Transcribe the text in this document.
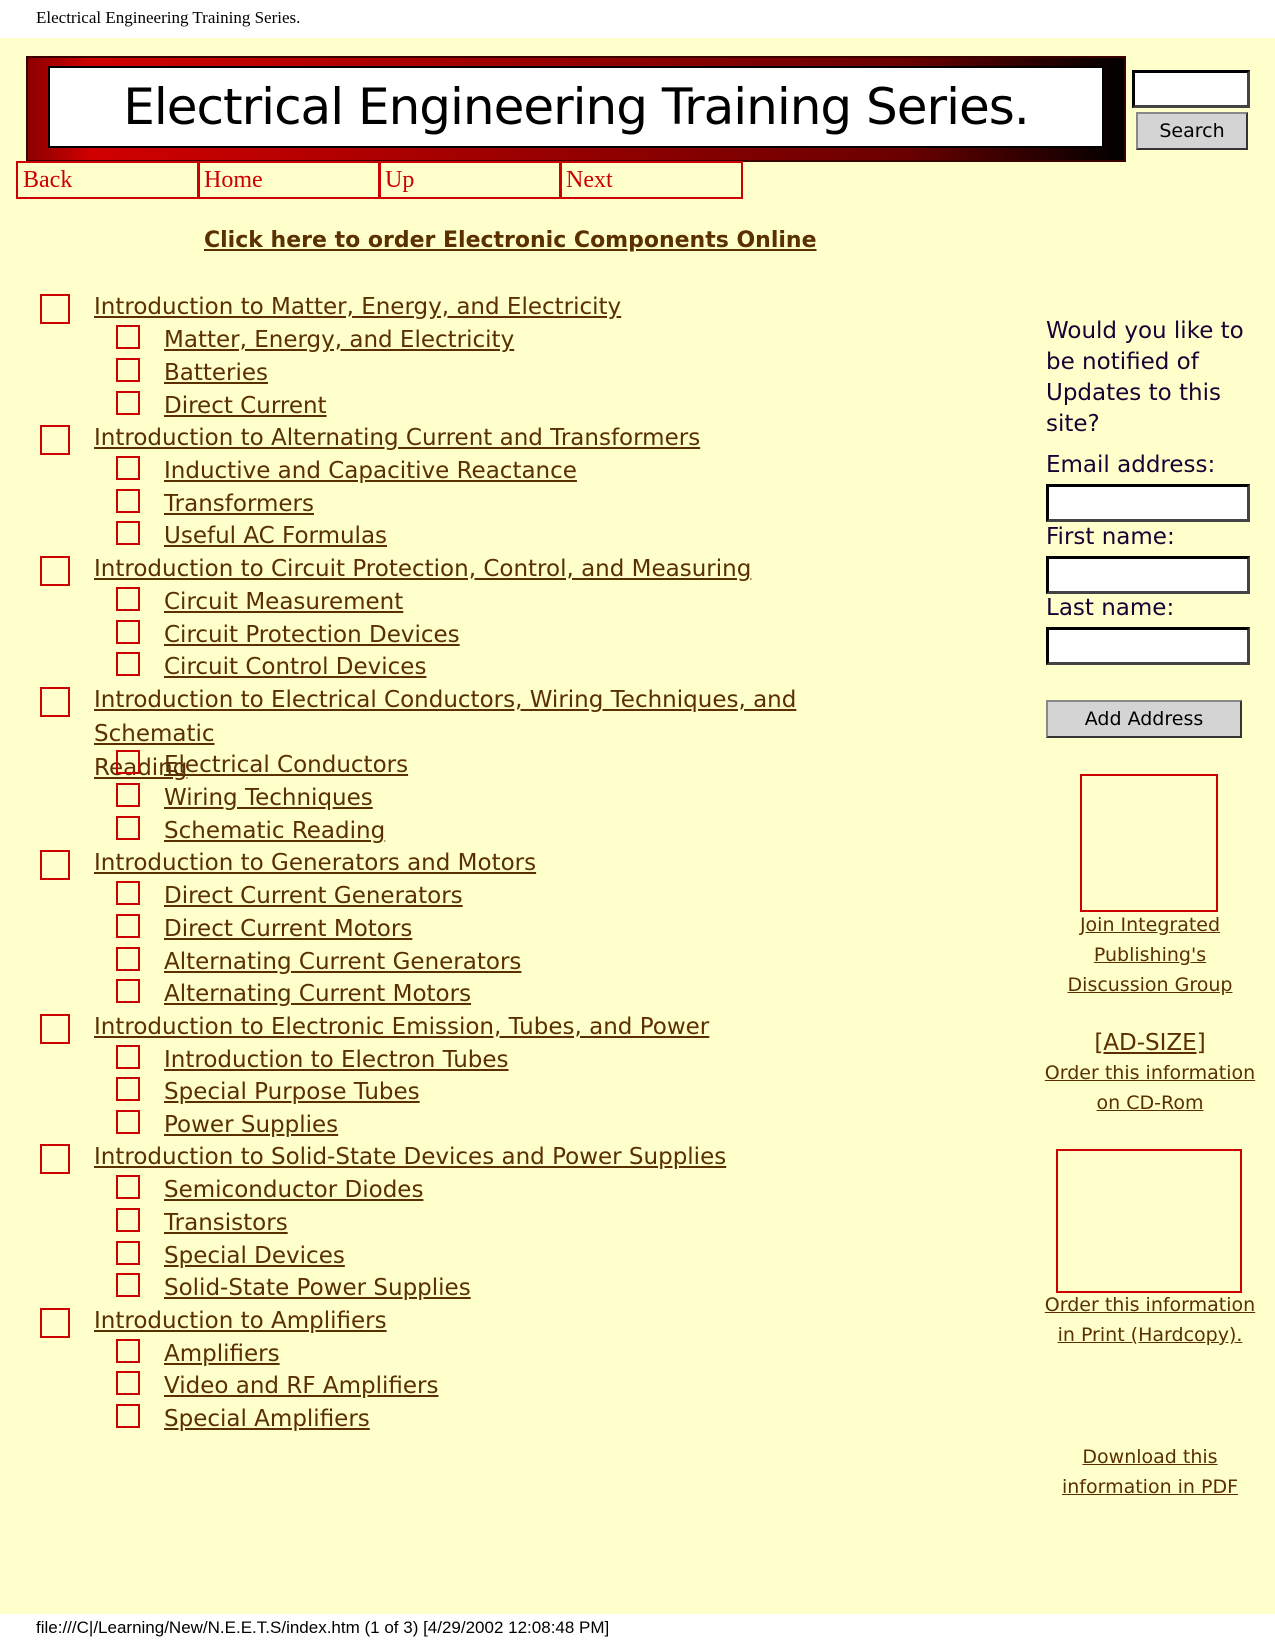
Electrical Engineering Training Series.
Electrical Engineering Training Series.	Search
Back	Home	Up	Next
Click here to order Electronic Components Online
Introduction to Matter, Energy, and Electricity
Matter, Energy, and Electricity
Batteries
Direct Current
Introduction to Alternating Current and Transformers
Inductive and Capacitive Reactance
Transformers
Useful AC Formulas
Introduction to Circuit Protection, Control, and Measuring
Circuit Measurement
Circuit Protection Devices
Circuit Control Devices
Introduction to Electrical Conductors, Wiring Techniques, and Schematic
Reading
Electrical Conductors
Wiring Techniques
Schematic Reading
Introduction to Generators and Motors
Direct Current Generators
Direct Current Motors
Alternating Current Generators
Alternating Current Motors
Introduction to Electronic Emission, Tubes, and Power
Introduction to Electron Tubes
Special Purpose Tubes
Power Supplies
Introduction to Solid-State Devices and Power Supplies
Semiconductor Diodes
Transistors
Special Devices
Solid-State Power Supplies
Introduction to Amplifiers
Amplifiers
Video and RF Amplifiers
Special Amplifiers
Would you like to be notified of Updates to this site?
Email address:
First name:
Last name:
Add Address
Join Integrated
Publishing's
Discussion Group
[AD-SIZE]
Order this information
on CD-Rom
Order this information
in Print (Hardcopy).
Download this
information in PDF
file:///C|/Learning/New/N.E.E.T.S/index.htm (1 of 3) [4/29/2002 12:08:48 PM]
